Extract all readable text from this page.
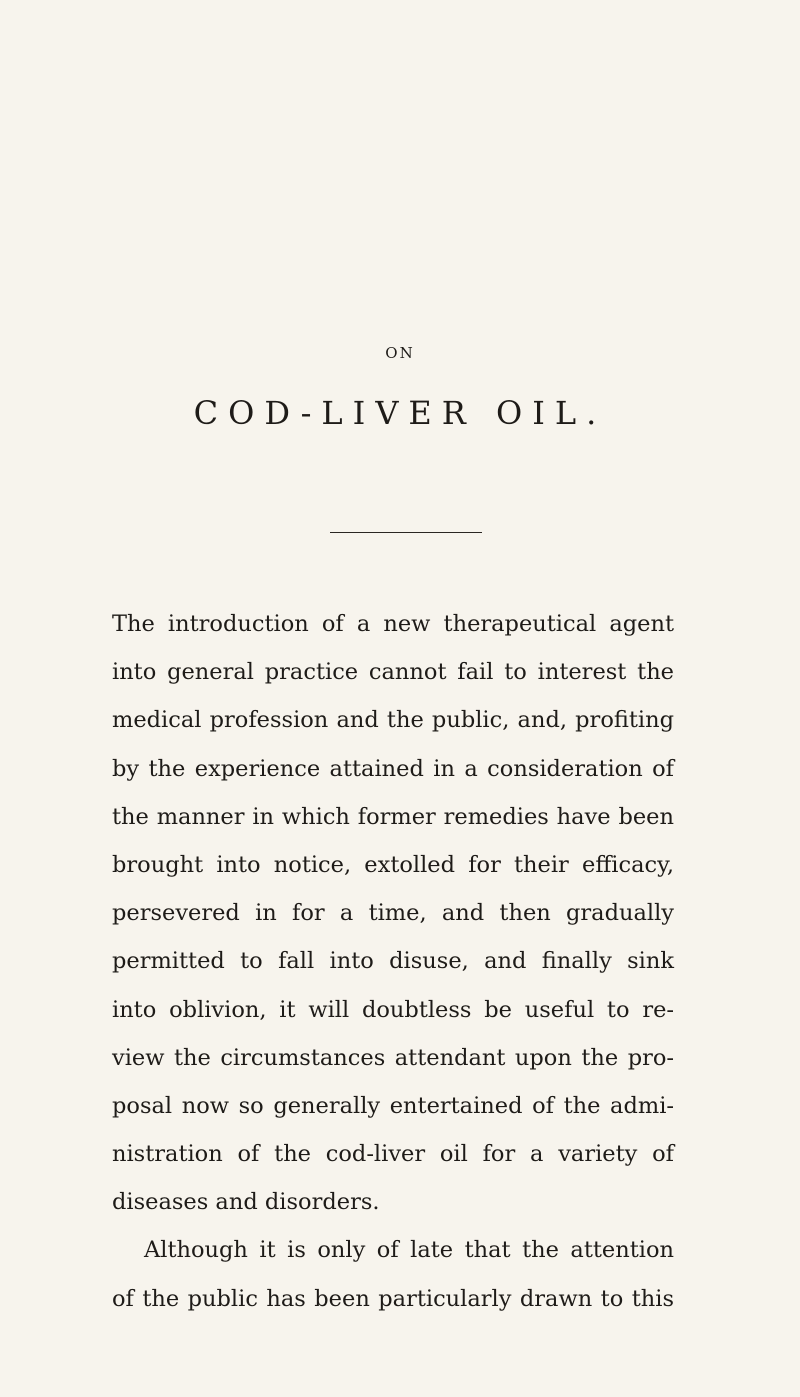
ON
COD-LIVER OIL.
The introduction of a new therapeutical agent
into general practice cannot fail to interest the
medical profession and the public, and, profiting
by the experience attained in a consideration of
the manner in which former remedies have been
brought into notice, extolled for their efficacy,
persevered in for a time, and then gradually
permitted to fall into disuse, and finally sink
into oblivion, it will doubtless be useful to re-
view the circumstances attendant upon the pro-
posal now so generally entertained of the admi-
nistration of the cod-liver oil for a variety of
diseases and disorders.
Although it is only of late that the attention
of the public has been particularly drawn to this
